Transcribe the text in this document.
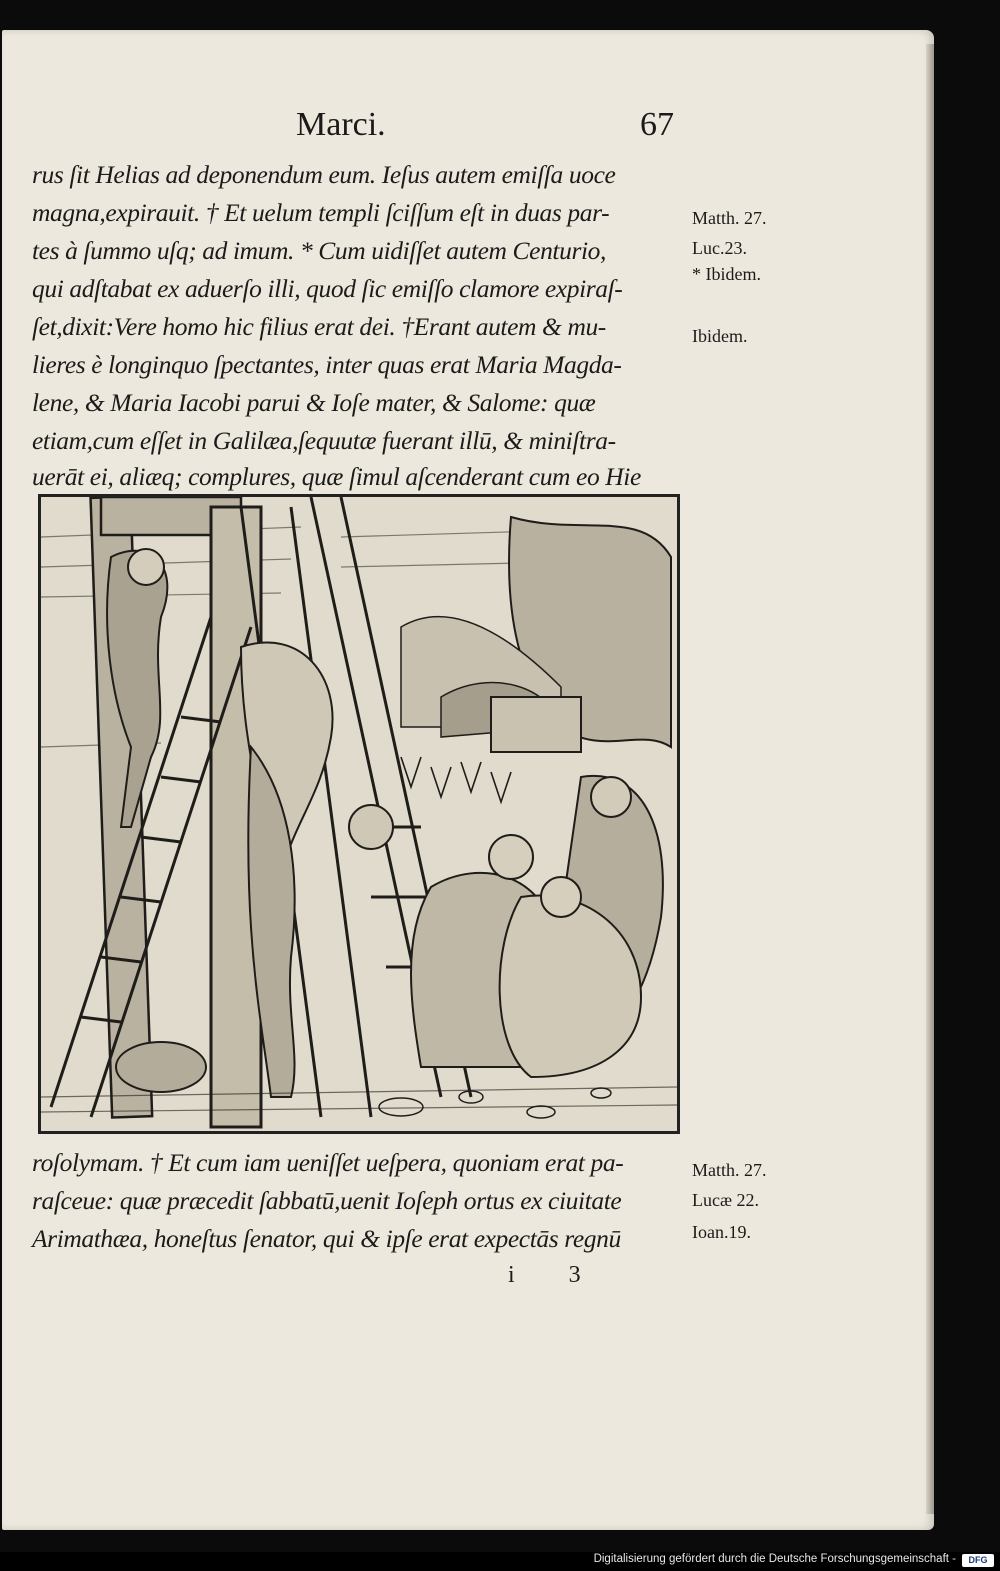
Marci.	67
rus ſit Helias ad deponendum eum. Ieſus autem emiſſa uoce
magna,expirauit. † Et uelum templi ſciſſum eſt in duas par-
tes à ſummo uſq; ad imum. * Cum uidiſſet autem Centurio,
qui adſtabat ex aduerſo illi, quod ſic emiſſo clamore expiraſ-
ſet,dixit:Vere homo hic filius erat dei. †Erant autem & mu-
lieres è longinquo ſpectantes, inter quas erat Maria Magda-
lene, & Maria Iacobi parui & Ioſe mater, & Salome: quæ
etiam,cum eſſet in Galilæa,ſequutæ fuerant illū, & miniſtra-
uerāt ei, aliæq; complures, quæ ſimul aſcenderant cum eo Hie
Matth. 27.
Luc.23.
* Ibidem.
Ibidem.
roſolymam. † Et cum iam ueniſſet ueſpera, quoniam erat pa-
raſceue: quæ præcedit ſabbatū,uenit Ioſeph ortus ex ciuitate
Arimathæa, honeſtus ſenator, qui & ipſe erat expectās regnū
Matth. 27.
Lucæ 22.
Ioan.19.
i 3
Digitalisierung gefördert durch die Deutsche Forschungsgemeinschaft -	DFG
